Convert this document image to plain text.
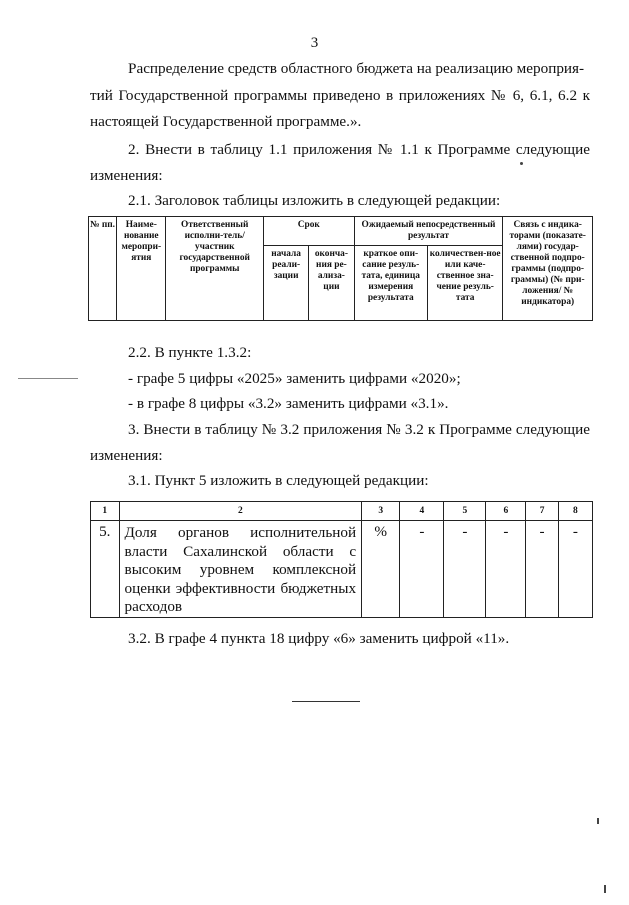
3
Распределение средств областного бюджета на реализацию мероприя-
тий Государственной программы приведено в приложениях № 6, 6.1, 6.2 к
настоящей Государственной программе.».
2. Внести в таблицу 1.1 приложения № 1.1 к Программе следующие
изменения:
2.1. Заголовок таблицы изложить в следующей редакции:
№ пп.	Наиме-нование меропри-ятия	Ответственный исполни-тель/участник государственной программы	Срок		Ожидаемый непосредственный результат		Связь с индика-торами (показате-лями) государ-ственной подпро-граммы (подпро-граммы) (№ при-ложения/ № индикатора)
			начала реали-зации	оконча-ния ре-ализа-ции	краткое опи-сание резуль-тата, единица измерения результата	количествен-ное или каче-ственное зна-чение резуль-тата	
2.2. В пункте 1.3.2:
- графе 5 цифры «2025» заменить цифрами «2020»;
- в графе 8 цифры «3.2» заменить цифрами «3.1».
3. Внести в таблицу № 3.2 приложения № 3.2 к Программе следующие
изменения:
3.1. Пункт 5 изложить в следующей редакции:
1	2	3	4	5	6	7	8
5.	Доля органов исполнительной власти Сахалинской области с высоким уровнем комплексной оценки эффективности бюджетных расходов	%	-	-	-	-	-
3.2. В графе 4 пункта 18 цифру «6» заменить цифрой «11».
